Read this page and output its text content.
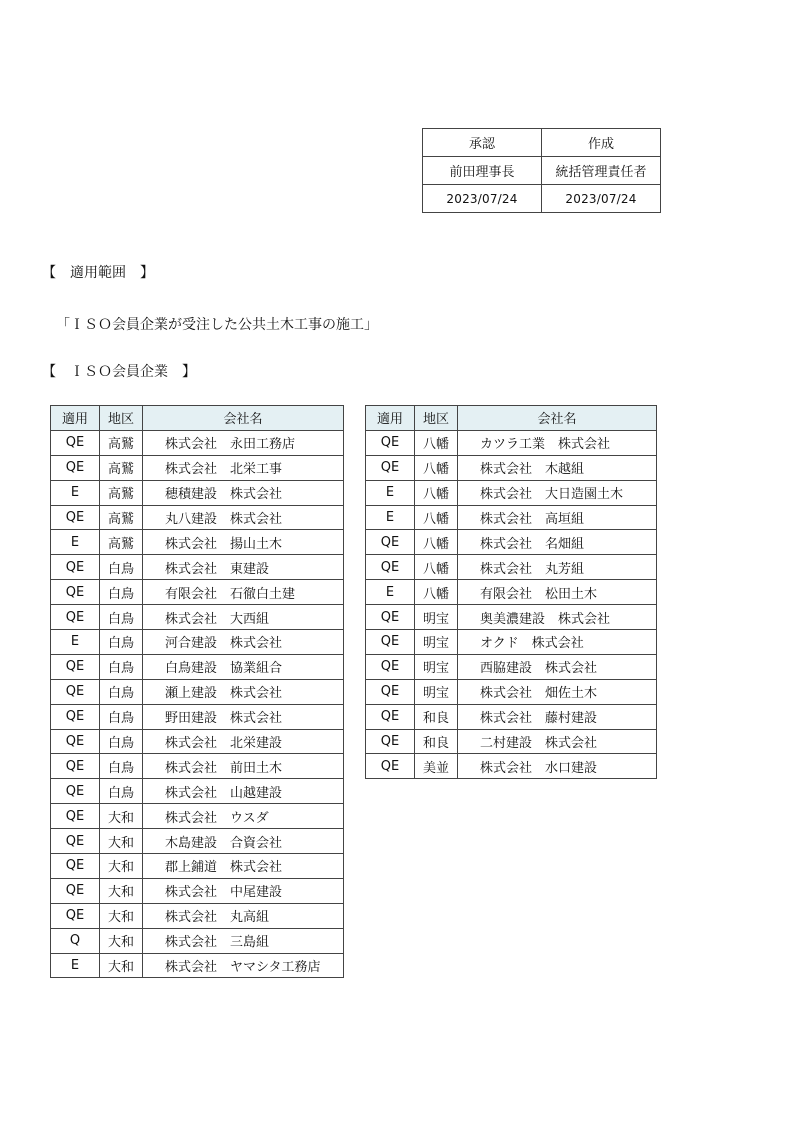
承認	作成
前田理事長	統括管理責任者
2023/07/24	2023/07/24
【　適用範囲　】
「ＩＳＯ会員企業が受注した公共土木工事の施工」
【　ＩＳＯ会員企業　】
適用	地区	会社名
QE	高鷲	株式会社　永田工務店
QE	高鷲	株式会社　北栄工事
E	高鷲	穂積建設　株式会社
QE	高鷲	丸八建設　株式会社
E	高鷲	株式会社　揚山土木
QE	白鳥	株式会社　東建設
QE	白鳥	有限会社　石徹白土建
QE	白鳥	株式会社　大西組
E	白鳥	河合建設　株式会社
QE	白鳥	白鳥建設　協業組合
QE	白鳥	瀬上建設　株式会社
QE	白鳥	野田建設　株式会社
QE	白鳥	株式会社　北栄建設
QE	白鳥	株式会社　前田土木
QE	白鳥	株式会社　山越建設
QE	大和	株式会社　ウスダ
QE	大和	木島建設　合資会社
QE	大和	郡上鋪道　株式会社
QE	大和	株式会社　中尾建設
QE	大和	株式会社　丸高組
Q	大和	株式会社　三島組
E	大和	株式会社　ヤマシタ工務店
適用	地区	会社名
QE	八幡	カツラ工業　株式会社
QE	八幡	株式会社　木越組
E	八幡	株式会社　大日造園土木
E	八幡	株式会社　高垣組
QE	八幡	株式会社　名畑組
QE	八幡	株式会社　丸芳組
E	八幡	有限会社　松田土木
QE	明宝	奥美濃建設　株式会社
QE	明宝	オクド　株式会社
QE	明宝	西脇建設　株式会社
QE	明宝	株式会社　畑佐土木
QE	和良	株式会社　藤村建設
QE	和良	二村建設　株式会社
QE	美並	株式会社　水口建設
